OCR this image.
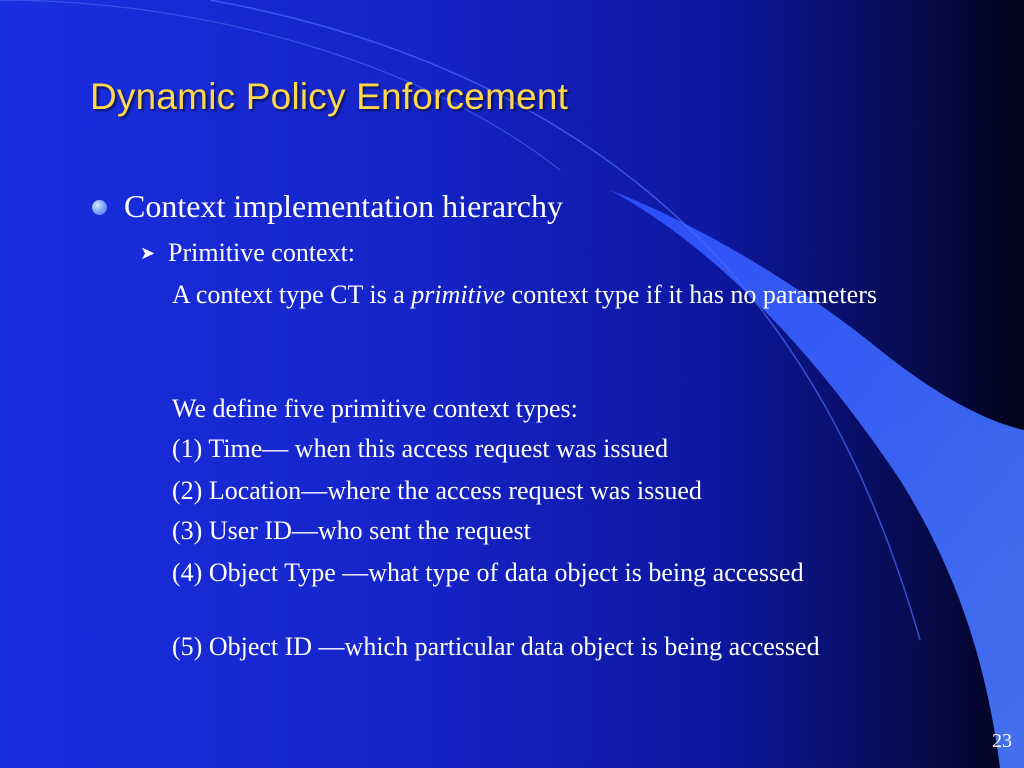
Dynamic Policy Enforcement
Context implementation hierarchy
➤ Primitive context:
A context type CT is a primitive context type if it has no parameters
We define five primitive context types:
(1) Time— when this access request was issued
(2) Location—where the access request was issued
(3) User ID—who sent the request
(4) Object Type —what type of data object is being accessed
(5) Object ID —which particular data object is being accessed
23
